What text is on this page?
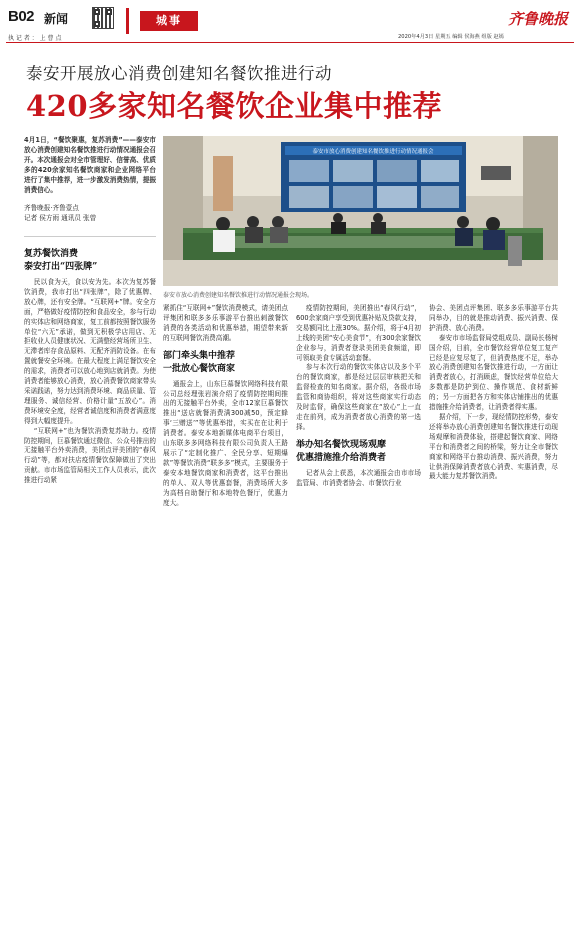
B02 新闻	城事
执 记 者 ： 上 曹 点
齐鲁晚报
2020年4月3日 星期五 编辑 侯海燕 组版 赵嫣
泰安开展放心消费创建知名餐饮推进行动
420多家知名餐饮企业集中推荐
4月1日，“餐饮聚惠，复苏消费”——泰安市放心消费创建知名餐饮推进行动情况通报会召开。本次通报会对全市管理好、信誉高、优质多的420余家知名餐饮商家和企业网络平台进行了集中推荐，进一步激发消费热情，提振消费信心。
齐鲁晚报·齐鲁壹点
记者 侯方雨 通讯员 张曾
泰安市放心消费创建知名餐饮推进行动情况通报会
泰安市放心消费创建知名餐饮推进行动情况通报会现场。

复苏餐饮消费

泰安打出“四张牌”

民以食为天，食以安为先。本次为复苏餐饮消费，我市打出“四张牌”，除了优惠牌、放心牌，还有安全牌。“互联网+”牌。安全方面，严格做好疫情防控和食品安全，参与行动的实体店和网络商家，复工前都按照餐饮服务单位“六无”承诺，做到无积极学店用店、无拒收业人员健康状况、无满整经营场所卫生、无滞者库存食品原料、无配齐消防设备。在布置就餐安全环境。在最大程度上满足餐饮安全的需求，消费者可以放心地到店就消费。为使消费者能够放心消费，放心消费餐饮商家带头采诺践诺，努力达到消费环境、商品质量、管理服务、诚信经营、价格计量“五放心”。消费环境安全度，经营者诚信度和消费者满意度得到大幅度提升。

“互联网+”也为餐饮消费复苏助力。疫情防控期间，巨慕餐饮通过微信、公众号推出的无接触平台外卖消费，美团点评美团的“春风行动”等，都对扶店疫情餐饮保障做出了突出贡献。市市场监管局相关工作人员表示，此次推进行动紧

紧抓住“互联网+”餐饮消费模式，请美团点评集团和联多多乐事游平台推出刺激餐饮消费的各类活动和优惠举措，期望带来新的互联网餐饮消费高潮。

部门牵头集中推荐

一批放心餐饮商家

通报会上，山东巨慕餐饮网络科技有限公司总经理张岩演介绍了疫情防控期间推出的无接触平台外卖，全市12家巨慕餐饮推出“送店就餐消费满300减50，预定蜂事‘三赠送’”等优惠举措，实买在在让利于消费者。泰安本地新媒体电商平台项目，山东联多多网络科技有限公司负责人王路展示了“定制化推广、全民分享、短期爆款”等餐饮消费“联多多”模式，主要服务于泰安本地餐饮商家和消费者，这平台推出的单人、双人等优惠套餐，消费场所大多为高档自助餐厅和本地特色餐厅，优惠力度大。

疫情防控期间，美团推出“春风行动”，600余家商户享受到优惠补贴及贷款支持，交易额同比上涨30%。据介绍，将于4月初上线的美团“安心美食节”，有300余家餐饮企业参与，消费者登录美团美食频道，即可领取美食专属活动套餐。

参与本次行动的餐饮实体店以及多个平台的餐饮商家，都是经过层层审核把关和监督检查的知名商家。据介绍，各级市场监管和商协组织，将对这些商家实行动态及时监督，确保这些商家在“放心”上一直走在前列，成为消费者放心消费的第一选择。

举办知名餐饮现场观摩

优惠措施推介给消费者

记者从会上获悉，本次通报会由市市场监管局、市消费者协会、市餐饮行业

协会、美团点评集团、联多多乐事游平台共同举办，目的就是推动消费、振兴消费、保护消费、放心消费。

泰安市市场监督局党组成员、副局长杨树国介绍，目前，全市餐饮经营单位复工复产已经是应复尽复了，但消费热度不足，举办放心消费创建知名餐饮推进行动，一方面让消费者放心，打消顾虑，餐饮经营单位给大多数都是防护到位、操作规范、食材新鲜的；另一方面把各方和实体店铺推出的优惠措施推介给消费者，让消费者得实惠。

据介绍，下一步，现经情防控形势，泰安还将举办放心消费创建知名餐饮推进行动现场观摩和消费体验，搭建起餐饮商家、网络平台和消费者之间的桥梁，努力让全市餐饮商家和网络平台推动消费、振兴消费，努力让供消保障消费者放心消费、实惠消费，尽最大能力复苏餐饮消费。
